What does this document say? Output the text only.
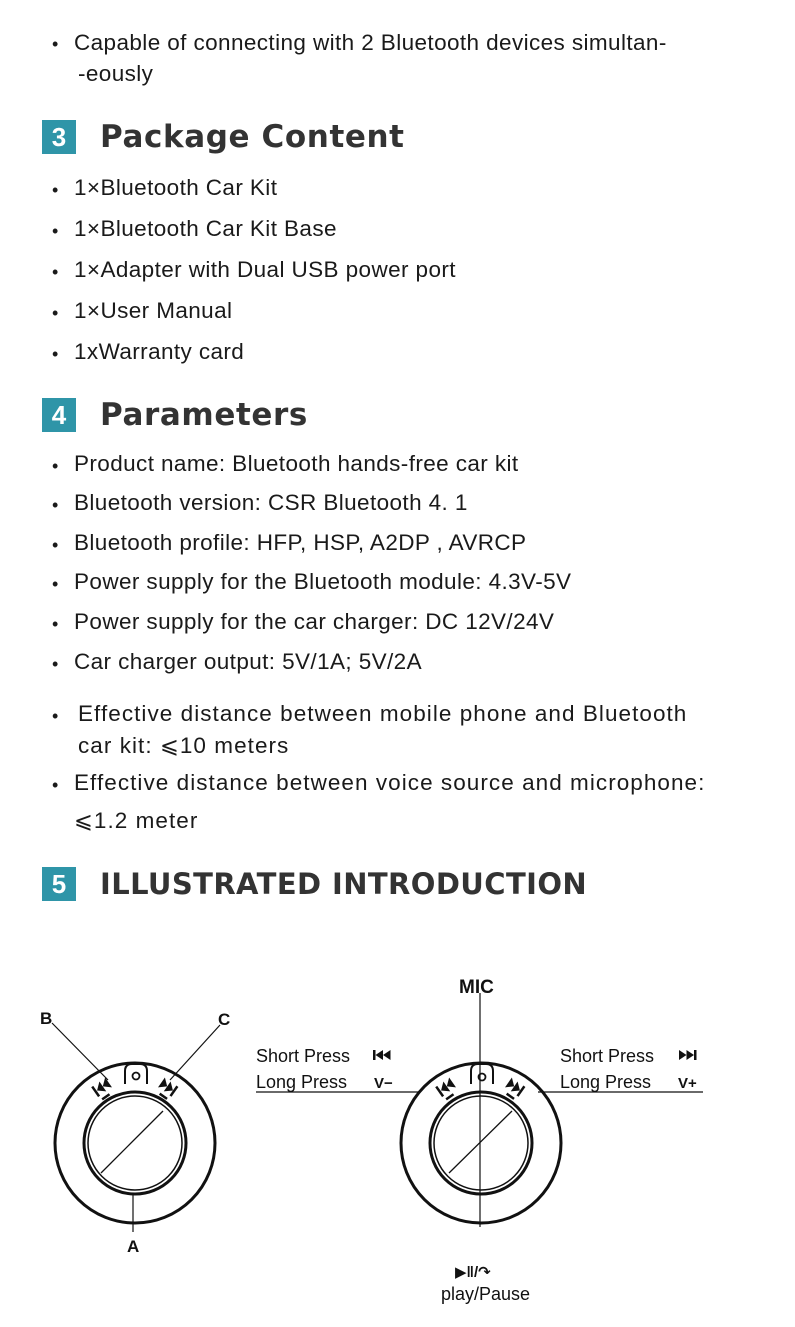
• Capable of connecting with 2 Bluetooth devices simultan-
-eously
3	Package Content
• 1×Bluetooth Car Kit
• 1×Bluetooth Car Kit Base
• 1×Adapter with Dual USB power port
• 1×User Manual
• 1xWarranty card
4	Parameters
• Product name: Bluetooth hands-free car kit
• Bluetooth version: CSR Bluetooth 4. 1
• Bluetooth profile: HFP, HSP, A2DP , AVRCP
• Power supply for the Bluetooth module: 4.3V-5V
• Power supply for the car charger: DC 12V/24V
• Car charger output: 5V/1A; 5V/2A
• Effective distance between mobile phone and Bluetooth
car kit: ⩽10 meters
• Effective distance between voice source and microphone:
⩽1.2 meter
5	ILLUSTRATED INTRODUCTION
B	C
A
MIC
Short Press
Long Press V−
Short Press
Long Press V+
▶‖/↷
play/Pause
